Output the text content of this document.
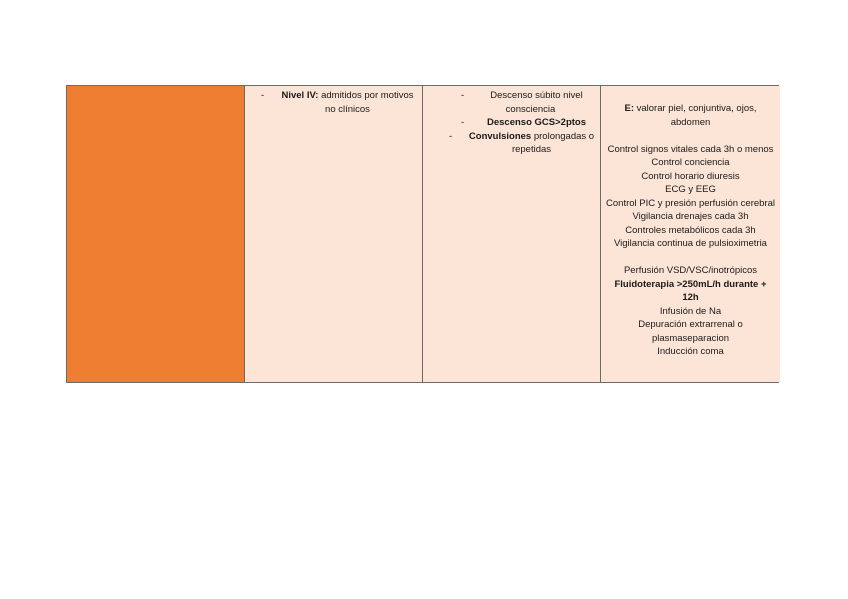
- Nivel IV: admitidos por motivos no clínicos
-	Descenso súbito nivel consciencia
- Descenso GCS>2ptos
- Convulsiones prolongadas o repetidas
E: valorar piel, conjuntiva, ojos, abdomen
Control signos vitales cada 3h o menos
Control conciencia
Control horario diuresis
ECG y EEG
Control PIC y presión perfusión cerebral
Vigilancia drenajes cada 3h
Controles metabólicos cada 3h
Vigilancia continua de pulsioximetria
Perfusión VSD/VSC/inotrópicos
Fluidoterapia >250mL/h durante + 12h
Infusión de Na
Depuración extrarrenal o plasmaseparacion
Inducción coma
